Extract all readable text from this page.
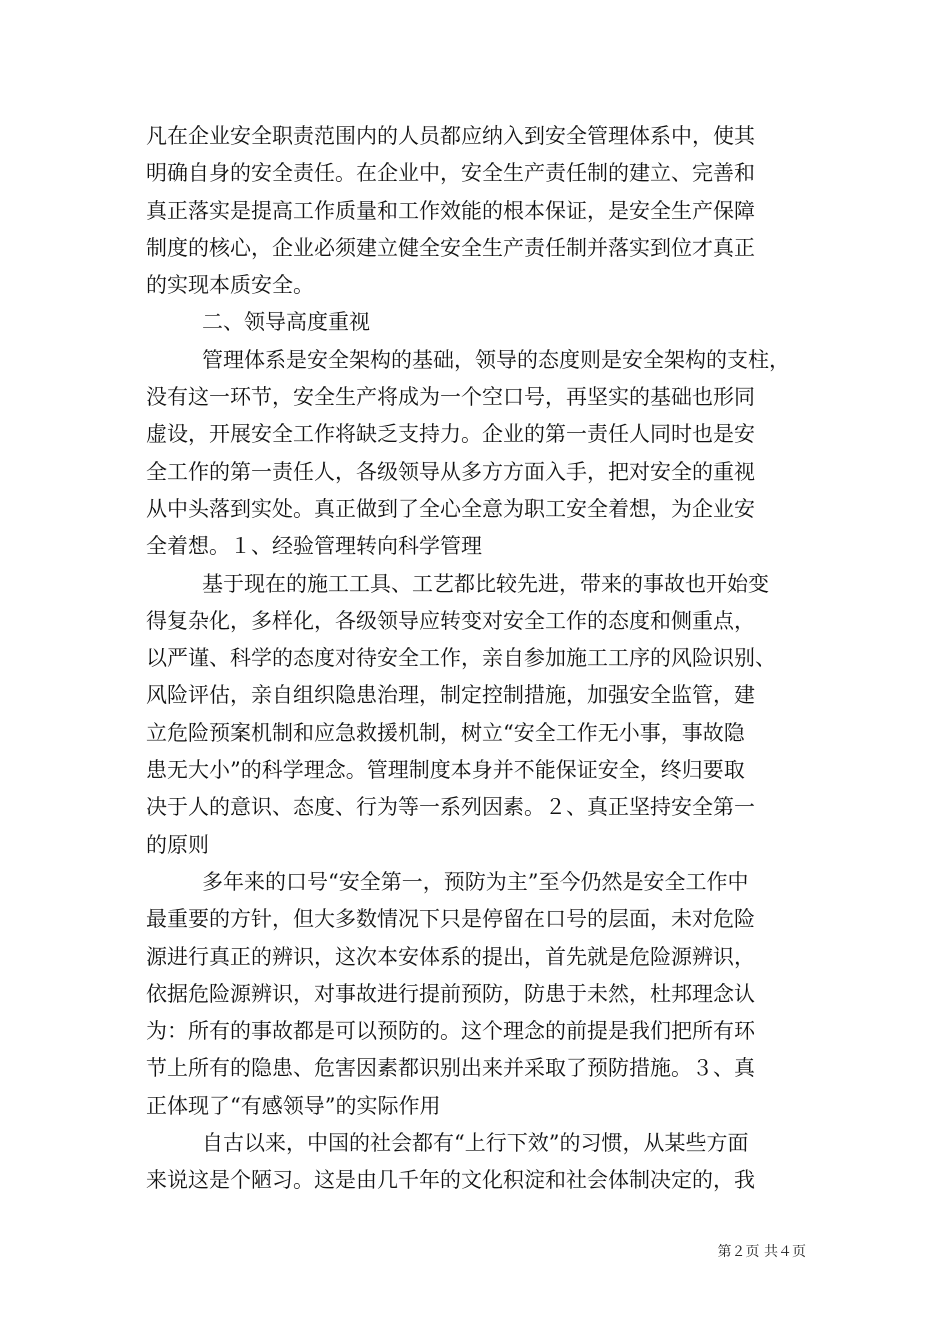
凡在企业安全职责范围内的人员都应纳入到安全管理体系中，使其
明确自身的安全责任。在企业中，安全生产责任制的建立、完善和
真正落实是提高工作质量和工作效能的根本保证，是安全生产保障
制度的核心，企业必须建立健全安全生产责任制并落实到位才真正
的实现本质安全。
二、领导高度重视
管理体系是安全架构的基础，领导的态度则是安全架构的支柱，
没有这一环节，安全生产将成为一个空口号，再坚实的基础也形同
虚设，开展安全工作将缺乏支持力。企业的第一责任人同时也是安
全工作的第一责任人，各级领导从多方方面入手，把对安全的重视
从中头落到实处。真正做到了全心全意为职工安全着想，为企业安
全着想。１、经验管理转向科学管理
基于现在的施工工具、工艺都比较先进，带来的事故也开始变
得复杂化，多样化，各级领导应转变对安全工作的态度和侧重点，
以严谨、科学的态度对待安全工作，亲自参加施工工序的风险识别、
风险评估，亲自组织隐患治理，制定控制措施，加强安全监管，建
立危险预案机制和应急救援机制，树立“安全工作无小事，事故隐
患无大小”的科学理念。管理制度本身并不能保证安全，终归要取
决于人的意识、态度、行为等一系列因素。２、真正坚持安全第一
的原则
多年来的口号“安全第一，预防为主”至今仍然是安全工作中
最重要的方针，但大多数情况下只是停留在口号的层面，未对危险
源进行真正的辨识，这次本安体系的提出，首先就是危险源辨识，
依据危险源辨识，对事故进行提前预防，防患于未然，杜邦理念认
为：所有的事故都是可以预防的。这个理念的前提是我们把所有环
节上所有的隐患、危害因素都识别出来并采取了预防措施。３、真
正体现了“有感领导”的实际作用
自古以来，中国的社会都有“上行下效”的习惯，从某些方面
来说这是个陋习。这是由几千年的文化积淀和社会体制决定的，我
第２页 共４页
